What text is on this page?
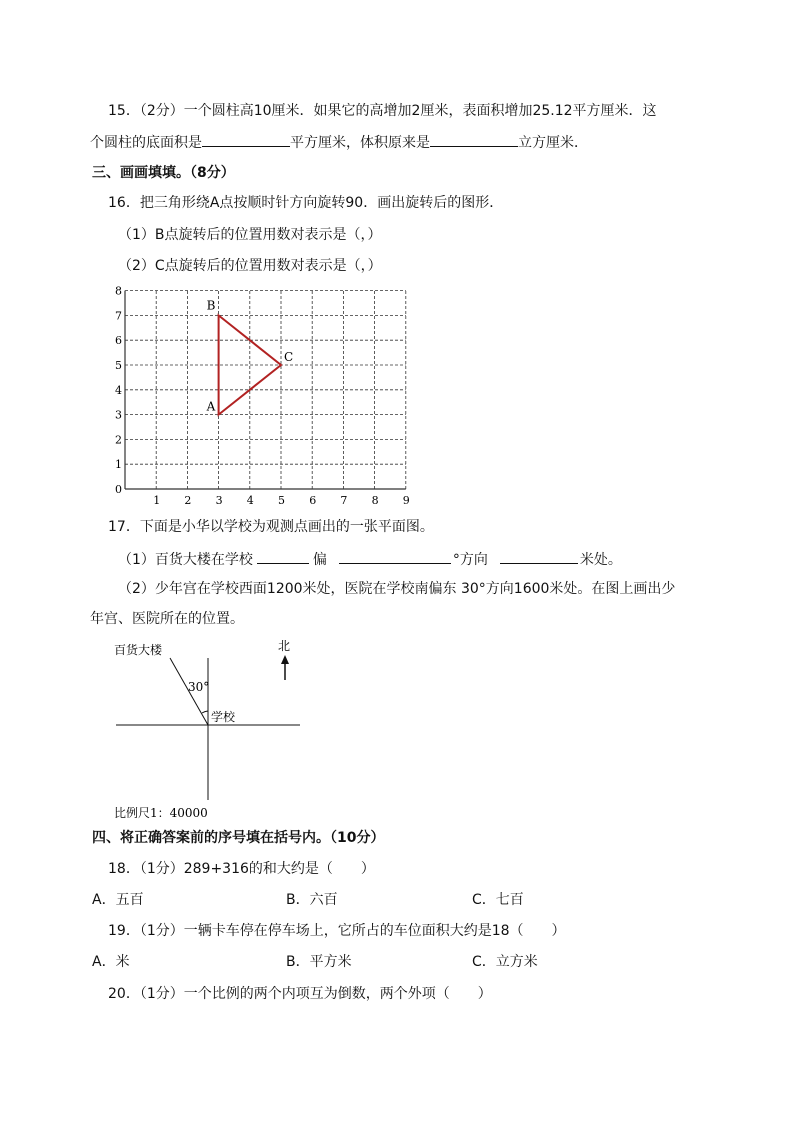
15．（2分）一个圆柱高10厘米．如果它的高增加2厘米，表面积增加25.12平方厘米．这
个圆柱的底面积是	平方厘米，体积原来是	立方厘米．
三、画画填填。（8分）
16．把三角形绕A点按顺时针方向旋转90．画出旋转后的图形．
（1）B点旋转后的位置用数对表示是（，）
（2）C点旋转后的位置用数对表示是（，）
0
1 2 3 4 5 6 7 8 9
1
2
3
4
5
6
7
8
A
B
C
17．下面是小华以学校为观测点画出的一张平面图。
（1）百货大楼在学校	偏	°方向	米处。
（2）少年宫在学校西面1200米处，医院在学校南偏东 30°方向1600米处。在图上画出少
年宫、医院所在的位置。
百货大楼
30°
学校
北
比例尺1：40000
四、将正确答案前的序号填在括号内。（10分）
18．（1分）289+316的和大约是（　　）
A．五百	B．六百	C．七百
19．（1分）一辆卡车停在停车场上，它所占的车位面积大约是18（　　）
A．米	B．平方米	C．立方米
20．（1分）一个比例的两个内项互为倒数，两个外项（　　）
